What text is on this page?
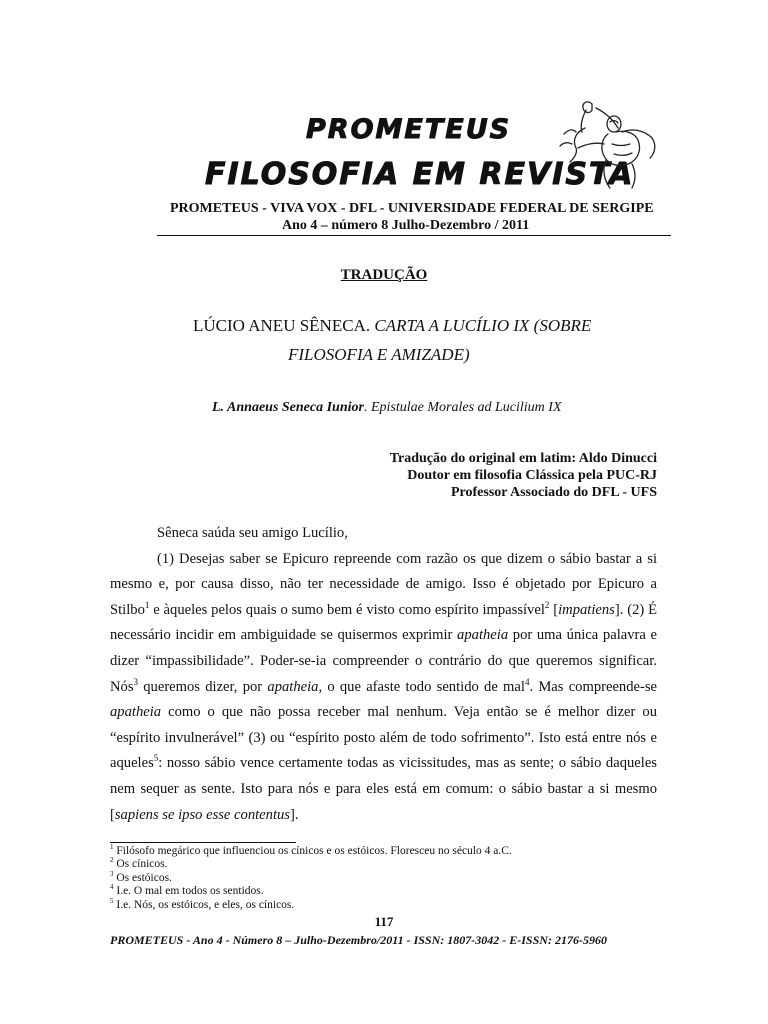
PROMETEUS
FILOSOFIA EM REVISTA
PROMETEUS - VIVA VOX - DFL - UNIVERSIDADE FEDERAL DE SERGIPE
Ano 4 – número 8 Julho-Dezembro / 2011
TRADUÇÃO
LÚCIO ANEU SÊNECA. CARTA A LUCÍLIO IX (SOBRE
FILOSOFIA E AMIZADE)
L. Annaeus Seneca Iunior. Epistulae Morales ad Lucilium IX
Tradução do original em latim: Aldo Dinucci
Doutor em filosofia Clássica pela PUC-RJ
Professor Associado do DFL - UFS

Sêneca saúda seu amigo Lucílio,

(1) Desejas saber se Epicuro repreende com razão os que dizem o sábio bastar a si mesmo e, por causa disso, não ter necessidade de amigo. Isso é objetado por Epicuro a Stilbo$^1$ e àqueles pelos quais o sumo bem é visto como espírito impassível$^2$ [impatiens]. (2) É necessário incidir em ambiguidade se quisermos exprimir apatheia por uma única palavra e dizer “impassibilidade”. Poder-se-ia compreender o contrário do que queremos significar. Nós$^3$ queremos dizer, por apatheia, o que afaste todo sentido de mal$^4$. Mas compreende-se apatheia como o que não possa receber mal nenhum. Veja então se é melhor dizer ou “espírito invulnerável” (3) ou “espírito posto além de todo sofrimento”. Isto está entre nós e aqueles$^5$: nosso sábio vence certamente todas as vicissitudes, mas as sente; o sábio daqueles nem sequer as sente. Isto para nós e para eles está em comum: o sábio bastar a si mesmo [sapiens se ipso esse contentus].

$^1$ Filósofo megárico que influenciou os cínicos e os estóicos. Floresceu no século 4 a.C.
$^2$ Os cínicos.
$^3$ Os estóicos.
$^4$ I.e. O mal em todos os sentidos.
$^5$ I.e. Nós, os estóicos, e eles, os cínicos.
117
PROMETEUS - Ano 4 - Número 8 – Julho-Dezembro/2011 - ISSN: 1807-3042 - E-ISSN: 2176-5960
